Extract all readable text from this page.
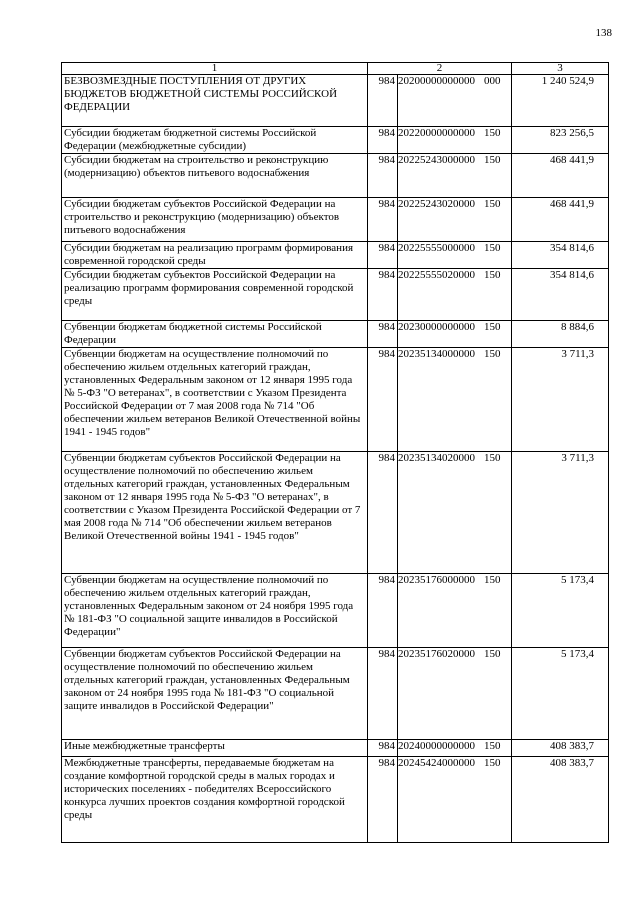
138
1	2		3
БЕЗВОЗМЕЗДНЫЕ ПОСТУПЛЕНИЯ ОТ ДРУГИХ БЮДЖЕТОВ БЮДЖЕТНОЙ СИСТЕМЫ РОССИЙСКОЙ ФЕДЕРАЦИИ	984	20200000000000 000	1 240 524,9
Субсидии бюджетам бюджетной системы Российской Федерации (межбюджетные субсидии)	984	20220000000000 150	823 256,5
Субсидии бюджетам на строительство и реконструкцию (модернизацию) объектов питьевого водоснабжения	984	20225243000000 150	468 441,9
Субсидии бюджетам субъектов Российской Федерации на строительство и реконструкцию (модернизацию) объектов питьевого водоснабжения	984	20225243020000 150	468 441,9
Субсидии бюджетам на реализацию программ формирования современной городской среды	984	20225555000000 150	354 814,6
Субсидии бюджетам субъектов Российской Федерации на реализацию программ формирования современной городской среды	984	20225555020000 150	354 814,6
Субвенции бюджетам бюджетной системы Российской Федерации	984	20230000000000 150	8 884,6
Субвенции бюджетам на осуществление полномочий по обеспечению жильем отдельных категорий граждан, установленных Федеральным законом от 12 января 1995 года № 5-ФЗ "О ветеранах", в соответствии с Указом Президента Российской Федерации от 7 мая 2008 года № 714 "Об обеспечении жильем ветеранов Великой Отечественной войны 1941 - 1945 годов"	984	20235134000000 150	3 711,3
Субвенции бюджетам субъектов Российской Федерации на осуществление полномочий по обеспечению жильем отдельных категорий граждан, установленных Федеральным законом от 12 января 1995 года № 5-ФЗ "О ветеранах", в соответствии с Указом Президента Российской Федерации от 7 мая 2008 года № 714 "Об обеспечении жильем ветеранов Великой Отечественной войны 1941 - 1945 годов"	984	20235134020000 150	3 711,3
Субвенции бюджетам на осуществление полномочий по обеспечению жильем отдельных категорий граждан, установленных Федеральным законом от 24 ноября 1995 года № 181-ФЗ "О социальной защите инвалидов в Российской Федерации"	984	20235176000000 150	5 173,4
Субвенции бюджетам субъектов Российской Федерации на осуществление полномочий по обеспечению жильем отдельных категорий граждан, установленных Федеральным законом от 24 ноября 1995 года № 181-ФЗ "О социальной защите инвалидов в Российской Федерации"	984	20235176020000 150	5 173,4
Иные межбюджетные трансферты	984	20240000000000 150	408 383,7
Межбюджетные трансферты, передаваемые бюджетам на создание комфортной городской среды в малых городах и исторических поселениях - победителях Всероссийского конкурса лучших проектов создания комфортной городской среды	984	20245424000000 150	408 383,7
